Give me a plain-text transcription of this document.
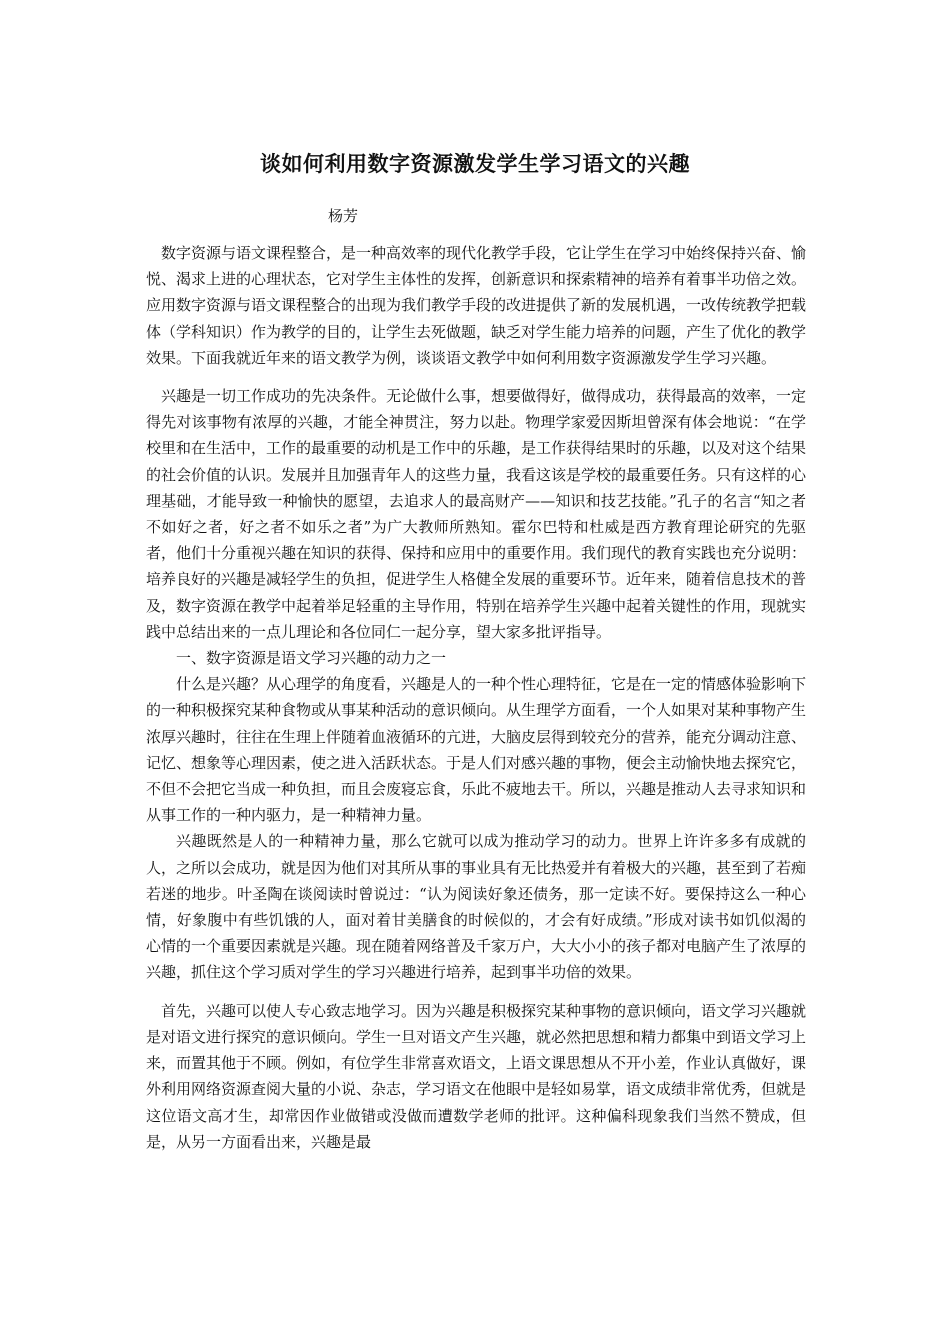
谈如何利用数字资源激发学生学习语文的兴趣
杨芳

数字资源与语文课程整合，是一种高效率的现代化教学手段，它让学生在学习中始终保持兴奋、愉悦、渴求上进的心理状态，它对学生主体性的发挥，创新意识和探索精神的培养有着事半功倍之效。应用数字资源与语文课程整合的出现为我们教学手段的改进提供了新的发展机遇，一改传统教学把载体（学科知识）作为教学的目的，让学生去死做题，缺乏对学生能力培养的问题，产生了优化的教学效果。下面我就近年来的语文教学为例，谈谈语文教学中如何利用数字资源激发学生学习兴趣。

兴趣是一切工作成功的先决条件。无论做什么事，想要做得好，做得成功，获得最高的效率，一定得先对该事物有浓厚的兴趣，才能全神贯注，努力以赴。物理学家爱因斯坦曾深有体会地说：“在学校里和在生活中，工作的最重要的动机是工作中的乐趣，是工作获得结果时的乐趣，以及对这个结果的社会价值的认识。发展并且加强青年人的这些力量，我看这该是学校的最重要任务。只有这样的心理基础，才能导致一种愉快的愿望，去追求人的最高财产——知识和技艺技能。”孔子的名言“知之者不如好之者，好之者不如乐之者”为广大教师所熟知。霍尔巴特和杜威是西方教育理论研究的先驱者，他们十分重视兴趣在知识的获得、保持和应用中的重要作用。我们现代的教育实践也充分说明：培养良好的兴趣是减轻学生的负担，促进学生人格健全发展的重要环节。近年来，随着信息技术的普及，数字资源在教学中起着举足轻重的主导作用，特别在培养学生兴趣中起着关键性的作用，现就实践中总结出来的一点儿理论和各位同仁一起分享，望大家多批评指导。

一、数字资源是语文学习兴趣的动力之一

什么是兴趣？从心理学的角度看，兴趣是人的一种个性心理特征，它是在一定的情感体验影响下的一种积极探究某种食物或从事某种活动的意识倾向。从生理学方面看，一个人如果对某种事物产生浓厚兴趣时，往往在生理上伴随着血液循环的亢进，大脑皮层得到较充分的营养，能充分调动注意、记忆、想象等心理因素，使之进入活跃状态。于是人们对感兴趣的事物，便会主动愉快地去探究它，不但不会把它当成一种负担，而且会废寝忘食，乐此不疲地去干。所以，兴趣是推动人去寻求知识和从事工作的一种内驱力，是一种精神力量。

兴趣既然是人的一种精神力量，那么它就可以成为推动学习的动力。世界上许许多多有成就的人，之所以会成功，就是因为他们对其所从事的事业具有无比热爱并有着极大的兴趣，甚至到了若痴若迷的地步。叶圣陶在谈阅读时曾说过：“认为阅读好象还债务，那一定读不好。要保持这么一种心情，好象腹中有些饥饿的人，面对着甘美膳食的时候似的，才会有好成绩。”形成对读书如饥似渴的心情的一个重要因素就是兴趣。现在随着网络普及千家万户，大大小小的孩子都对电脑产生了浓厚的兴趣，抓住这个学习质对学生的学习兴趣进行培养，起到事半功倍的效果。

首先，兴趣可以使人专心致志地学习。因为兴趣是积极探究某种事物的意识倾向，语文学习兴趣就是对语文进行探究的意识倾向。学生一旦对语文产生兴趣，就必然把思想和精力都集中到语文学习上来，而置其他于不顾。例如，有位学生非常喜欢语文，上语文课思想从不开小差，作业认真做好，课外利用网络资源查阅大量的小说、杂志，学习语文在他眼中是轻如易掌，语文成绩非常优秀，但就是这位语文高才生，却常因作业做错或没做而遭数学老师的批评。这种偏科现象我们当然不赞成，但是，从另一方面看出来，兴趣是最
